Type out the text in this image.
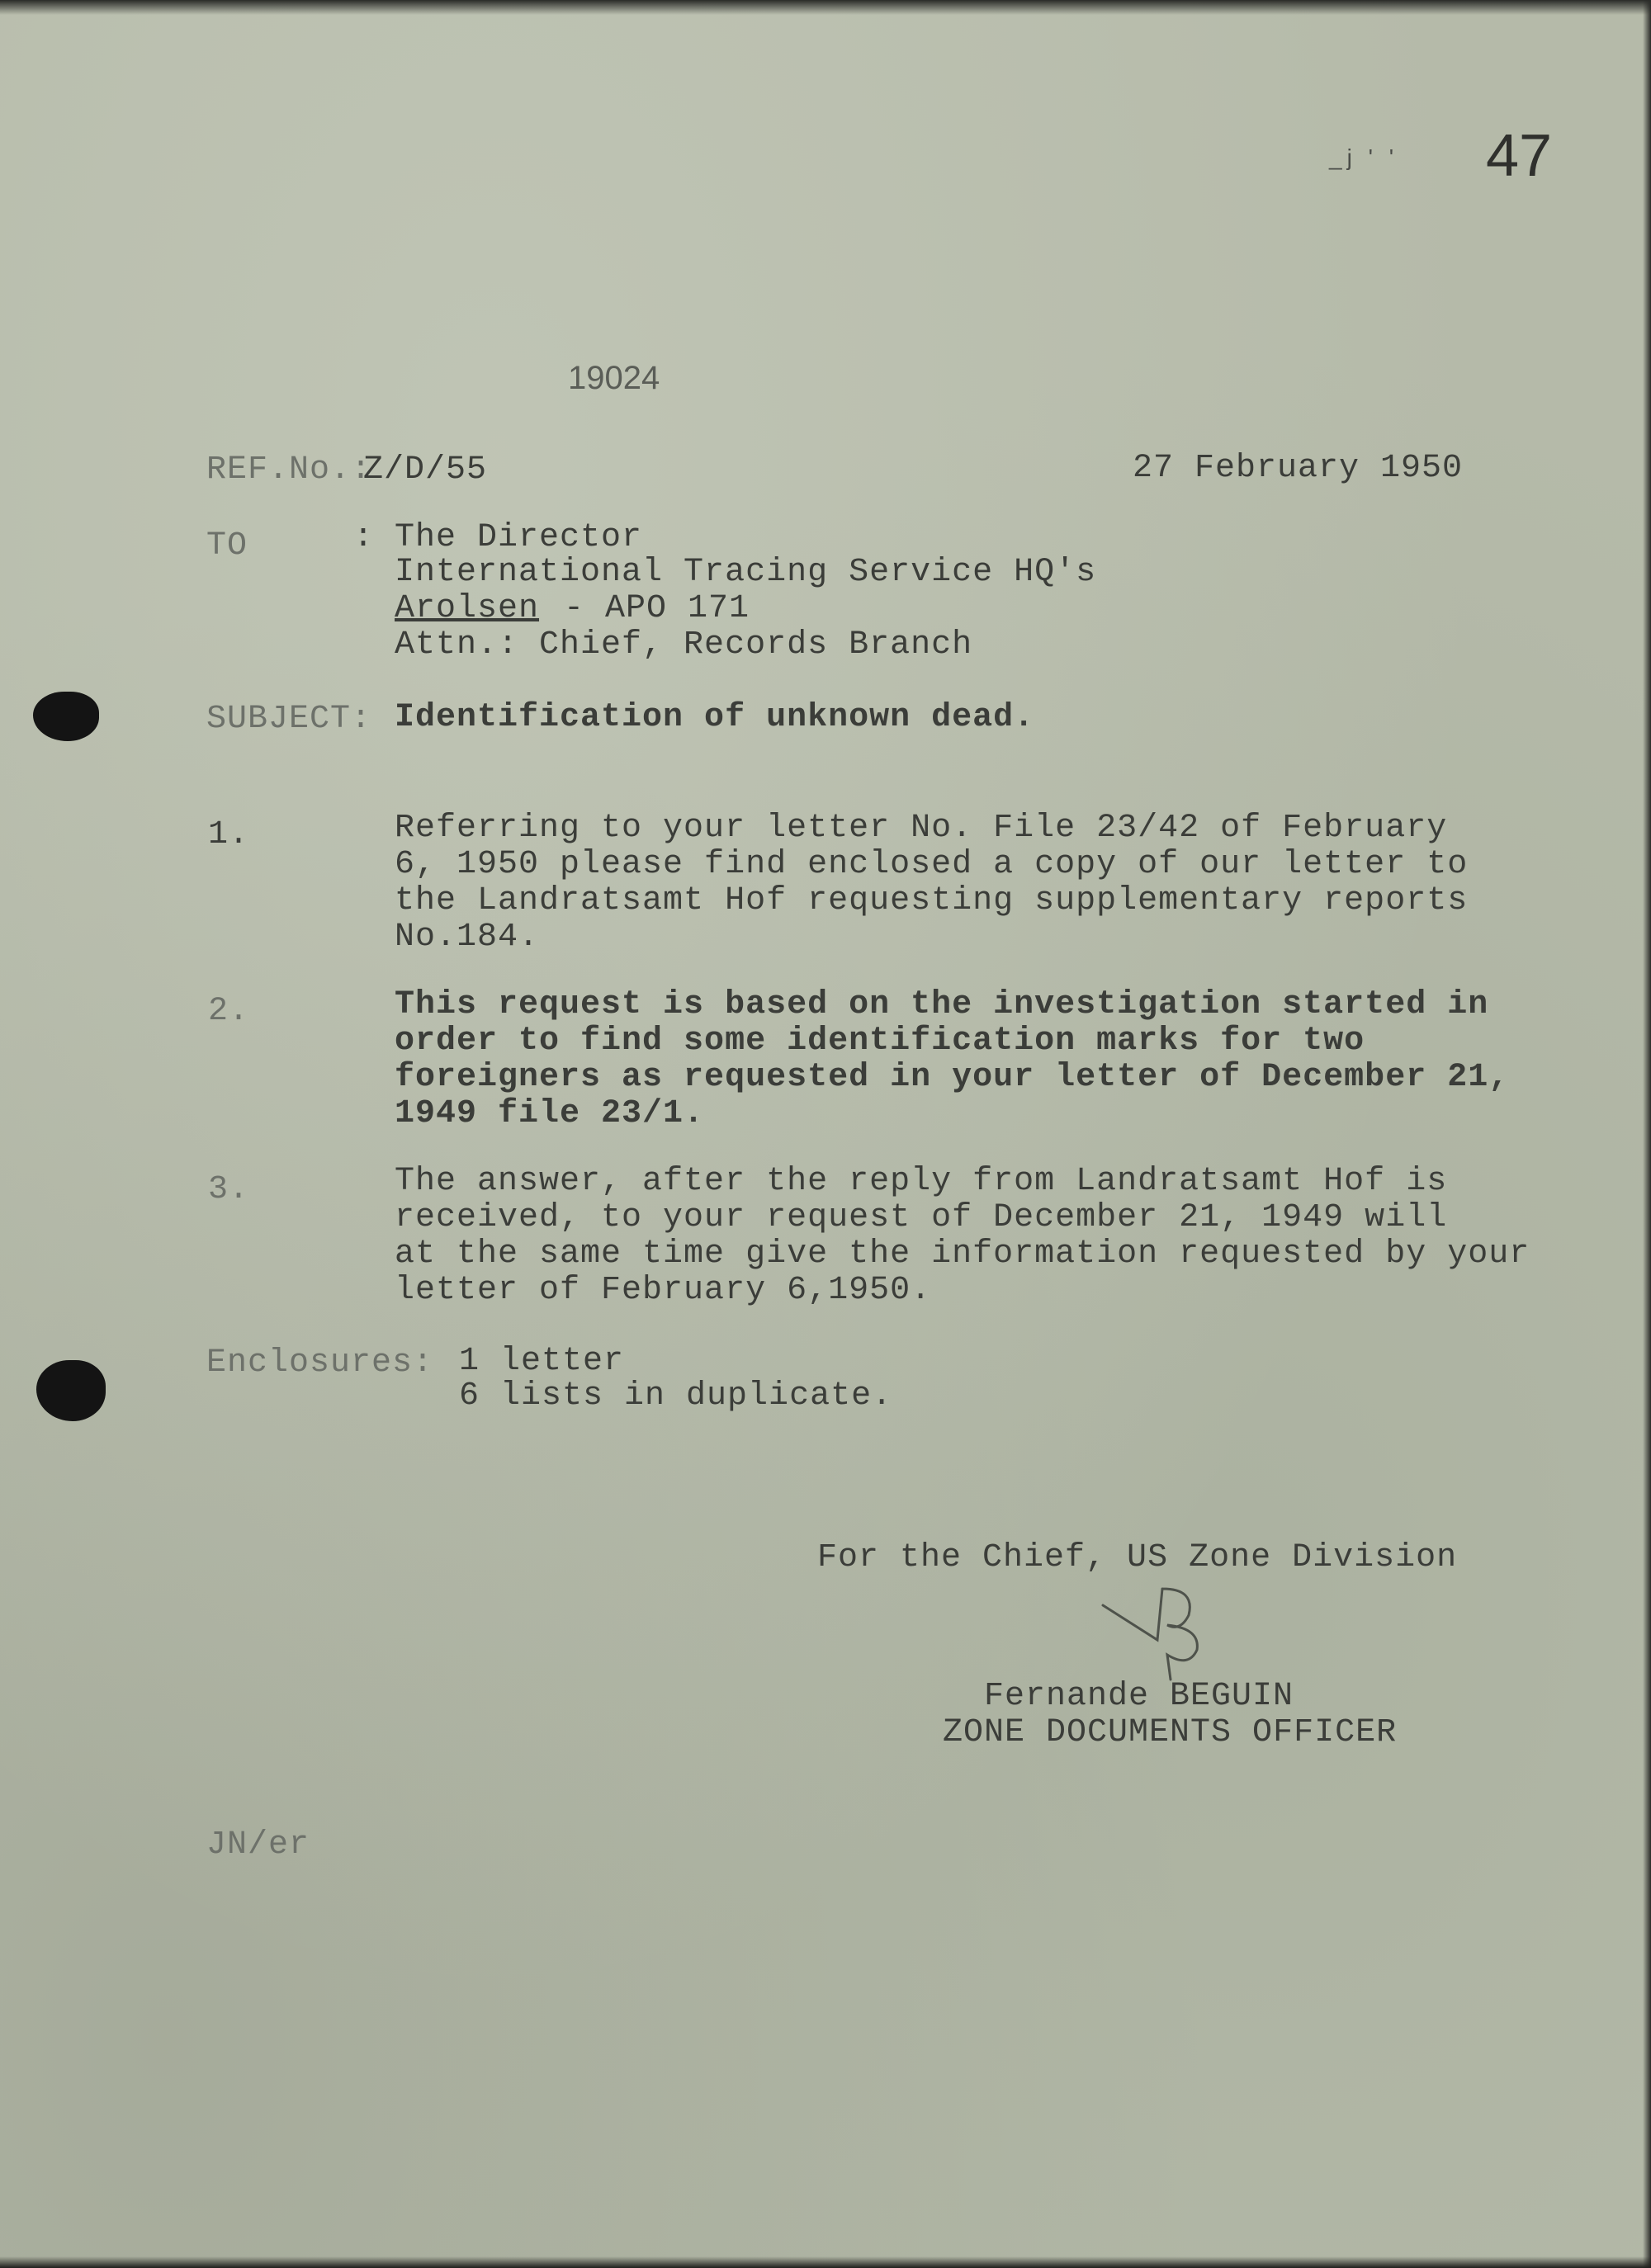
_j ' ' 47
19024
REF.No.:
Z/D/55	27 February 1950
TO	: The Director
International Tracing Service HQ's
Arolsen - APO 171
Attn.: Chief, Records Branch
SUBJECT: Identification of unknown dead.
1.	Referring to your letter No. File 23/42 of February
6, 1950 please find enclosed a copy of our letter to
the Landratsamt Hof requesting supplementary reports
No.184.
2.	This request is based on the investigation started in
order to find some identification marks for two
foreigners as requested in your letter of December 21,
1949 file 23/1.
3.	The answer, after the reply from Landratsamt Hof is
received, to your request of December 21, 1949 will
at the same time give the information requested by your
letter of February 6,1950.
Enclosures: 1 letter
6 lists in duplicate.
For the Chief, US Zone Division
Fernande BEGUIN
ZONE DOCUMENTS OFFICER
JN/er
